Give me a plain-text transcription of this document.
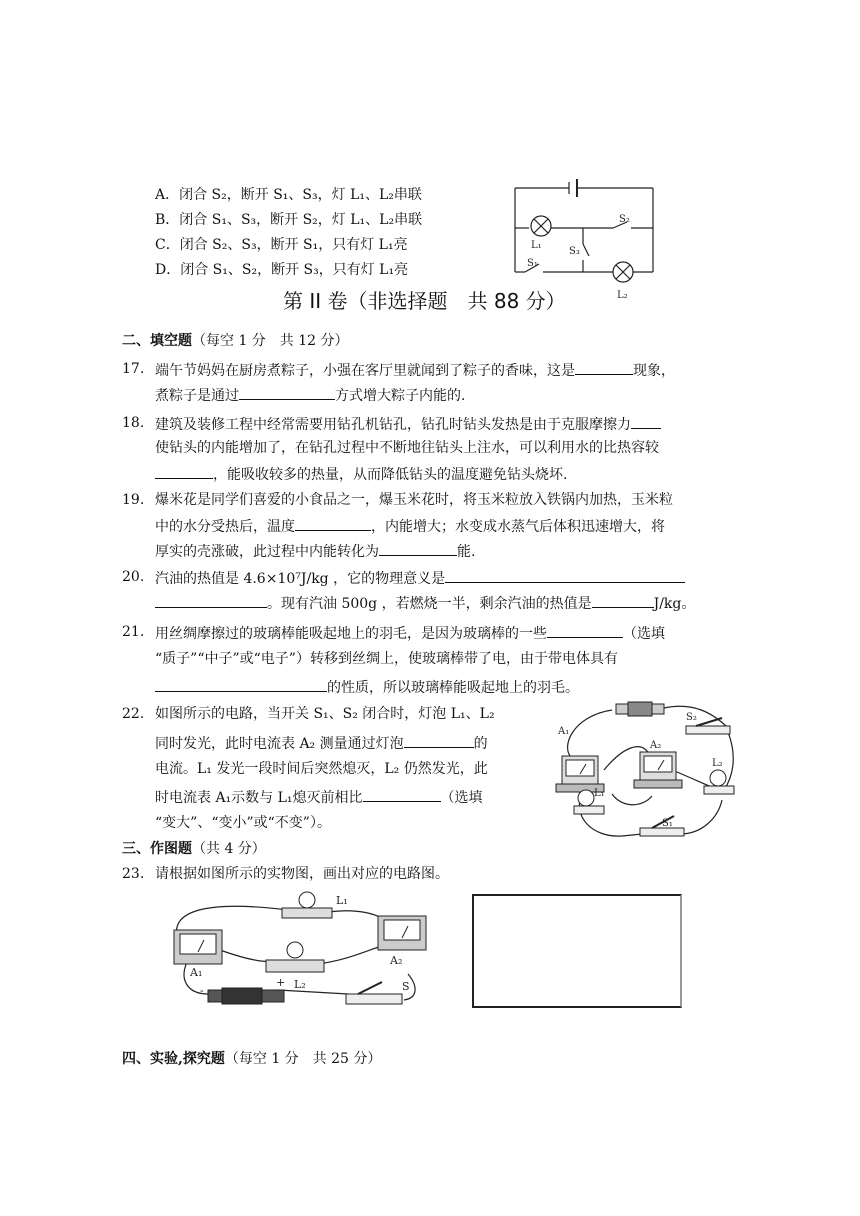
A．闭合 S₂，断开 S₁、S₃，灯 L₁、L₂串联
B．闭合 S₁、S₃，断开 S₂，灯 L₁、L₂串联
C．闭合 S₂、S₃，断开 S₁，只有灯 L₁亮
D．闭合 S₁、S₂，断开 S₃，只有灯 L₁亮
L₁
S₃
S₂
S₁
L₂
第 II 卷（非选择题　共 88 分）
二、填空题（每空 1 分　共 12 分）
17. 端午节妈妈在厨房煮粽子，小强在客厅里就闻到了粽子的香味，这是	现象，
煮粽子是通过	方式增大粽子内能的.
18. 建筑及装修工程中经常需要用钻孔机钻孔，钻孔时钻头发热是由于克服摩擦力
使钻头的内能增加了，在钻孔过程中不断地往钻头上注水，可以利用水的比热容较
，能吸收较多的热量，从而降低钻头的温度避免钻头烧坏.
19. 爆米花是同学们喜爱的小食品之一，爆玉米花时，将玉米粒放入铁锅内加热，玉米粒
中的水分受热后，温度	，内能增大；水变成水蒸气后体积迅速增大，将
厚实的壳涨破，此过程中内能转化为	能.
20. 汽油的热值是 4.6×10⁷J/kg ，它的物理意义是
。现有汽油 500g ，若燃烧一半，剩余汽油的热值是	J/kg。
21. 用丝绸摩擦过的玻璃棒能吸起地上的羽毛，是因为玻璃棒的一些	（选填
“质子”“中子”或“电子”）转移到丝绸上，使玻璃棒带了电，由于带电体具有
的性质，所以玻璃棒能吸起地上的羽毛。
22. 如图所示的电路，当开关 S₁、S₂ 闭合时，灯泡 L₁、L₂
同时发光，此时电流表 A₂ 测量通过灯泡	的
电流。L₁ 发光一段时间后突然熄灭，L₂ 仍然发光，此
时电流表 A₁示数与 L₁熄灭前相比	（选填
“变大”、“变小”或“不变”）。
A₁
A₂
L₁
L₂
S₁
S₂
三、作图题（共 4 分）
23. 请根据如图所示的实物图，画出对应的电路图。
A₁
A₂
L₁
L₂	S
-
+
四、实验,探究题（每空 1 分　共 25 分）
